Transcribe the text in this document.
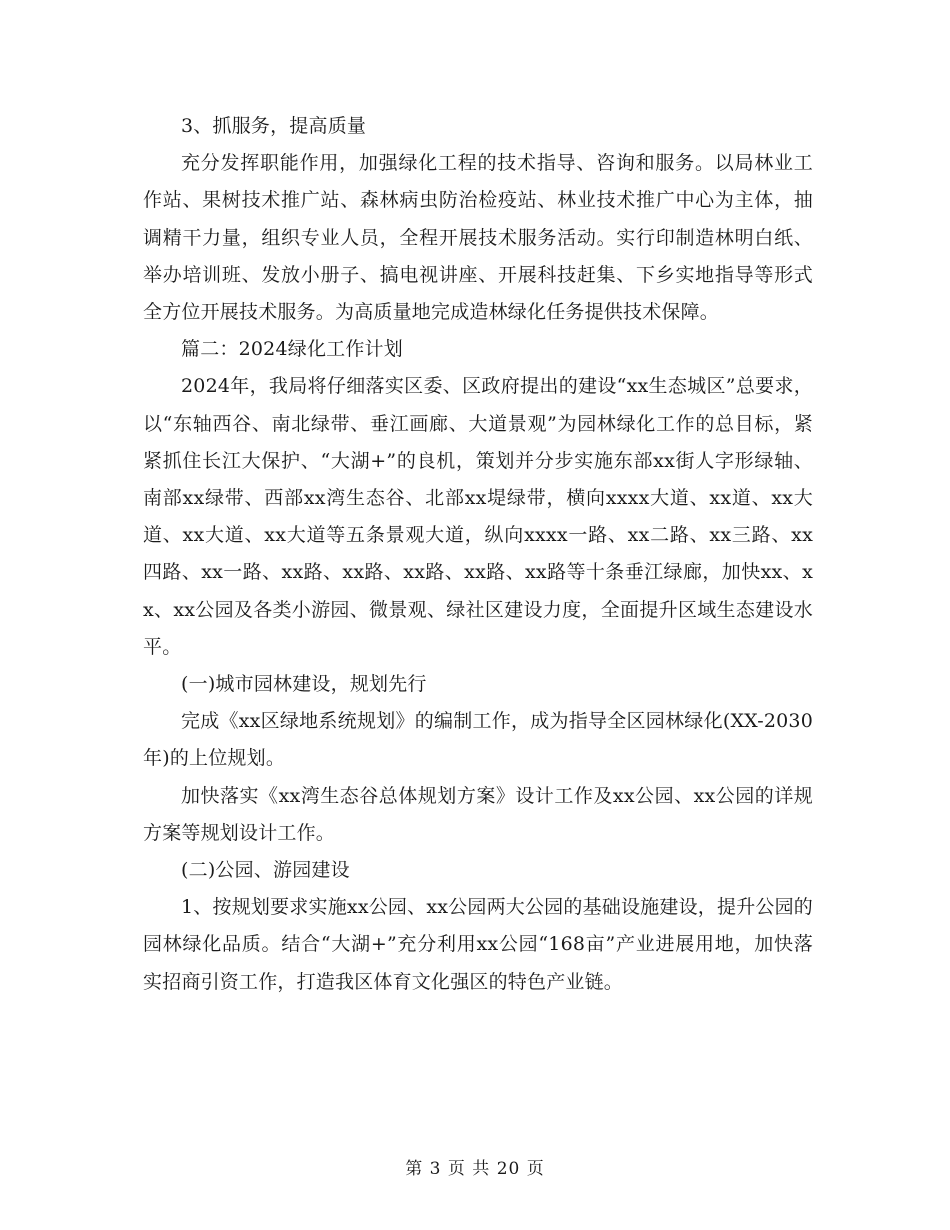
3、抓服务，提高质量

充分发挥职能作用，加强绿化工程的技术指导、咨询和服务。以局林业工作站、果树技术推广站、森林病虫防治检疫站、林业技术推广中心为主体，抽调精干力量，组织专业人员，全程开展技术服务活动。实行印制造林明白纸、举办培训班、发放小册子、搞电视讲座、开展科技赶集、下乡实地指导等形式全方位开展技术服务。为高质量地完成造林绿化任务提供技术保障。

篇二：2024绿化工作计划

2024年，我局将仔细落实区委、区政府提出的建设“xx生态城区”总要求，以“东轴西谷、南北绿带、垂江画廊、大道景观”为园林绿化工作的总目标，紧紧抓住长江大保护、“大湖+”的良机，策划并分步实施东部xx街人字形绿轴、南部xx绿带、西部xx湾生态谷、北部xx堤绿带，横向xxxx大道、xx道、xx大道、xx大道、xx大道等五条景观大道，纵向xxxx一路、xx二路、xx三路、xx四路、xx一路、xx路、xx路、xx路、xx路、xx路等十条垂江绿廊，加快xx、xx、xx公园及各类小游园、微景观、绿社区建设力度，全面提升区域生态建设水平。

(一)城市园林建设，规划先行

完成《xx区绿地系统规划》的编制工作，成为指导全区园林绿化(XX-2030年)的上位规划。

加快落实《xx湾生态谷总体规划方案》设计工作及xx公园、xx公园的详规方案等规划设计工作。

(二)公园、游园建设

1、按规划要求实施xx公园、xx公园两大公园的基础设施建设，提升公园的园林绿化品质。结合“大湖+”充分利用xx公园“168亩”产业进展用地，加快落实招商引资工作，打造我区体育文化强区的特色产业链。

第 3 页 共 20 页
